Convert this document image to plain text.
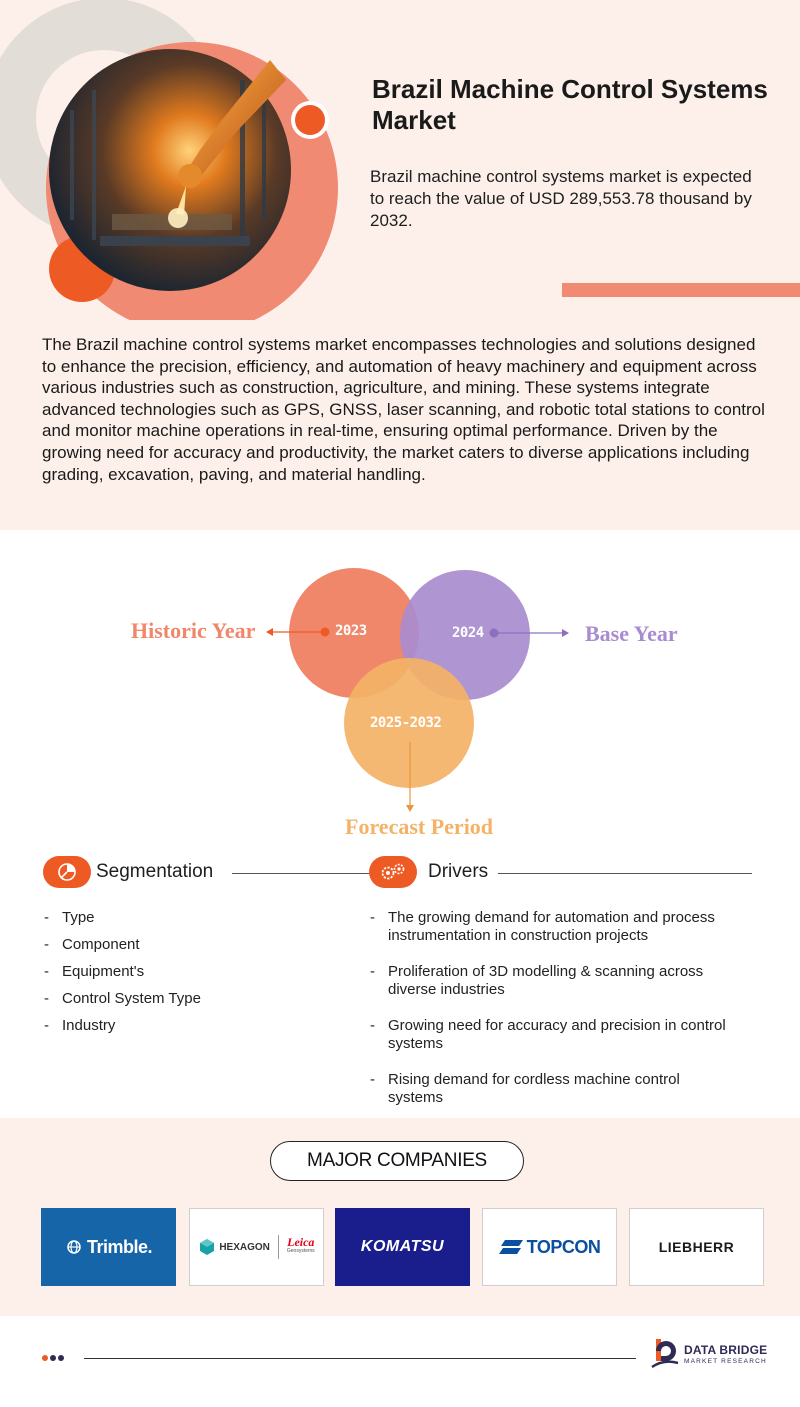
Brazil Machine Control Systems Market
Brazil machine control systems market is expected to reach the value of USD 289,553.78 thousand by 2032.
The Brazil machine control systems market encompasses technologies and solutions designed to enhance the precision, efficiency, and automation of heavy machinery and equipment across various industries such as construction, agriculture, and mining. These systems integrate advanced technologies such as GPS, GNSS, laser scanning, and robotic total stations to control and monitor machine operations in real-time, ensuring optimal performance. Driven by the growing need for accuracy and productivity, the market caters to diverse applications including grading, excavation, paving, and material handling.
2023	2024
2025-2032
Historic Year	Base Year
Forecast Period
Segmentation
- Type
- Component
- Equipment's
- Control System Type
- Industry
Drivers
- The growing demand for automation and process
instrumentation in construction projects
- Proliferation of 3D modelling & scanning across
diverse industries
- Growing need for accuracy and precision in control
systems
- Rising demand for cordless machine control
systems
MAJOR COMPANIES
Trimble.	HEXAGON Leica
Geosystems	KOMATSU	TOPCON	LIEBHERR
DATA BRIDGE
MARKET RESEARCH
